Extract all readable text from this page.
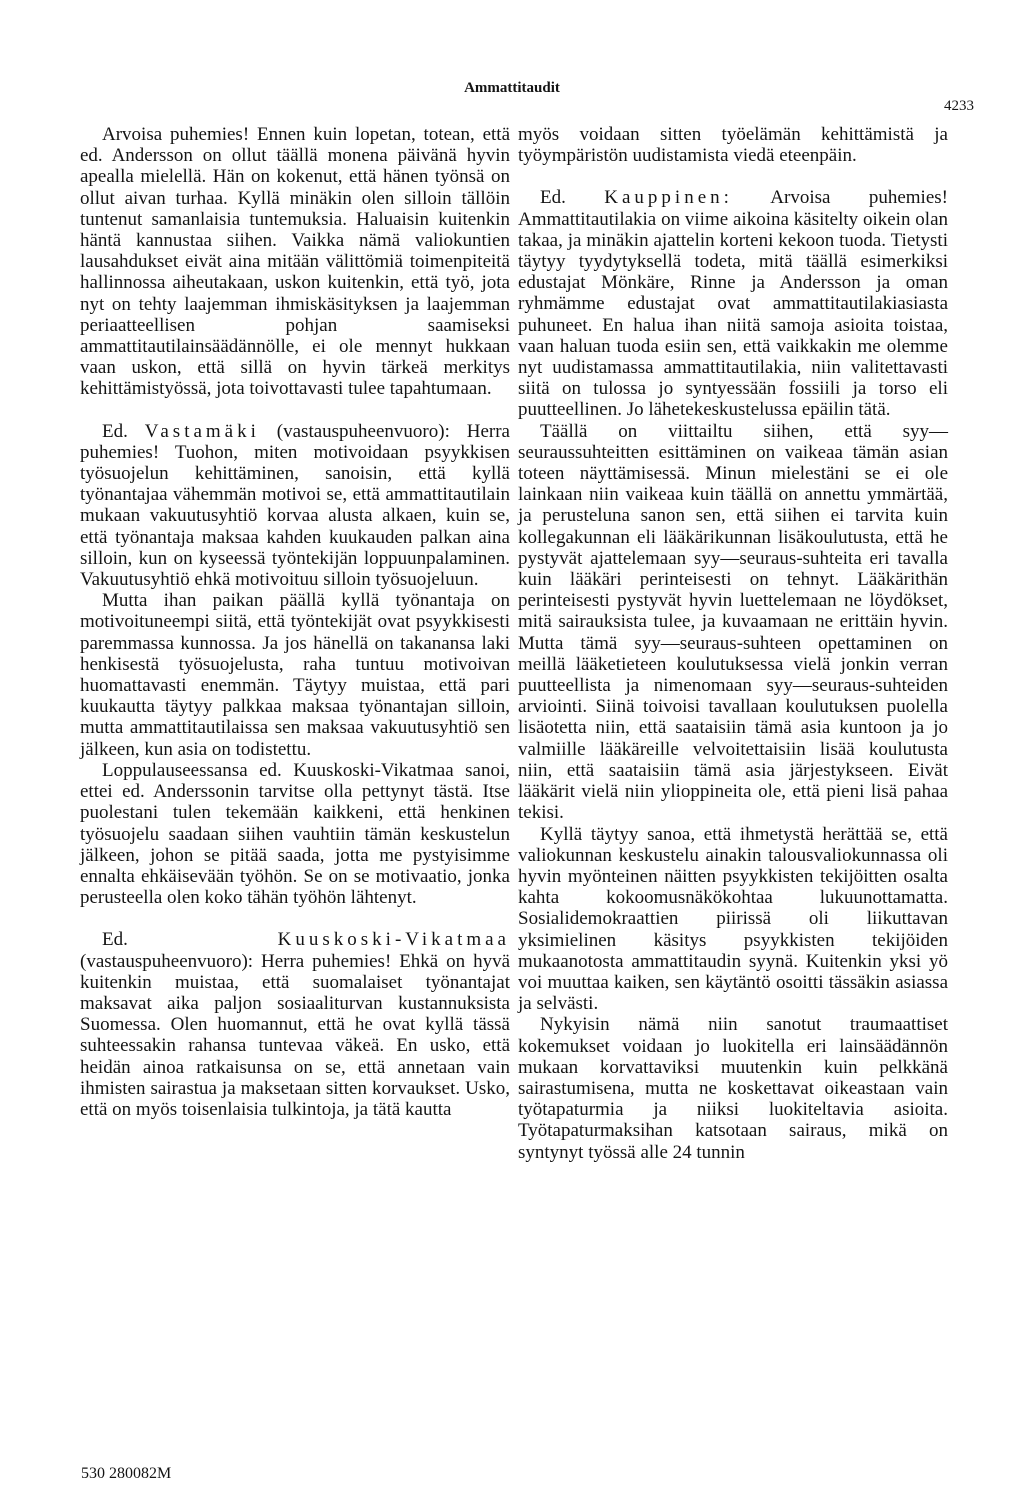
Ammattitaudit
4233

Arvoisa puhemies! Ennen kuin lopetan, totean, että ed. Andersson on ollut täällä monena päivänä hyvin apealla mielellä. Hän on kokenut, että hänen työnsä on ollut aivan turhaa. Kyllä minäkin olen silloin tällöin tuntenut samanlaisia tuntemuksia. Haluaisin kuitenkin häntä kannustaa siihen. Vaikka nämä valiokuntien lausahdukset eivät aina mitään välittömiä toimenpiteitä hallinnossa aiheutakaan, uskon kuitenkin, että työ, jota nyt on tehty laajemman ihmiskäsityksen ja laajemman periaatteellisen pohjan saamiseksi ammattitautilainsäädännölle, ei ole mennyt hukkaan vaan uskon, että sillä on hyvin tärkeä merkitys kehittämistyössä, jota toivottavasti tulee tapahtumaan.

Ed. Vastamäki (vastauspuheenvuoro): Herra puhemies! Tuohon, miten motivoidaan psyykkisen työsuojelun kehittäminen, sanoisin, että kyllä työnantajaa vähemmän motivoi se, että ammattitautilain mukaan vakuutusyhtiö korvaa alusta alkaen, kuin se, että työnantaja maksaa kahden kuukauden palkan aina silloin, kun on kyseessä työntekijän loppuunpalaminen. Vakuutusyhtiö ehkä motivoituu silloin työsuojeluun.

Mutta ihan paikan päällä kyllä työnantaja on motivoituneempi siitä, että työntekijät ovat psyykkisesti paremmassa kunnossa. Ja jos hänellä on takanansa laki henkisestä työsuojelusta, raha tuntuu motivoivan huomattavasti enemmän. Täytyy muistaa, että pari kuukautta täytyy palkkaa maksaa työnantajan silloin, mutta ammattitautilaissa sen maksaa vakuutusyhtiö sen jälkeen, kun asia on todistettu.

Loppulauseessansa ed. Kuuskoski-Vikatmaa sanoi, ettei ed. Anderssonin tarvitse olla pettynyt tästä. Itse puolestani tulen tekemään kaikkeni, että henkinen työsuojelu saadaan siihen vauhtiin tämän keskustelun jälkeen, johon se pitää saada, jotta me pystyisimme ennalta ehkäisevään työhön. Se on se motivaatio, jonka perusteella olen koko tähän työhön lähtenyt.

Ed.	Kuuskoski-Vikatmaa (vastauspuheenvuoro): Herra puhemies! Ehkä on hyvä kuitenkin muistaa, että suomalaiset työnantajat maksavat aika paljon sosiaaliturvan kustannuksista Suomessa. Olen huomannut, että he ovat kyllä tässä suhteessakin rahansa tuntevaa väkeä. En usko, että heidän ainoa ratkaisunsa on se, että annetaan vain ihmisten sairastua ja maksetaan sitten korvaukset. Usko, että on myös toisenlaisia tulkintoja, ja tätä kautta

myös voidaan sitten työelämän kehittämistä ja työympäristön uudistamista viedä eteenpäin.

Ed. Kauppinen: Arvoisa puhemies! Ammattitautilakia on viime aikoina käsitelty oikein olan takaa, ja minäkin ajattelin korteni kekoon tuoda. Tietysti täytyy tyydytyksellä todeta, mitä täällä esimerkiksi edustajat Mönkäre, Rinne ja Andersson ja oman ryhmämme edustajat ovat ammattitautilakiasiasta puhuneet. En halua ihan niitä samoja asioita toistaa, vaan haluan tuoda esiin sen, että vaikkakin me olemme nyt uudistamassa ammattitautilakia, niin valitettavasti siitä on tulossa jo syntyessään fossiili ja torso eli puutteellinen. Jo lähetekeskustelussa epäilin tätä.

Täällä on viittailtu siihen, että syy—seuraussuhteitten esittäminen on vaikeaa tämän asian toteen näyttämisessä. Minun mielestäni se ei ole lainkaan niin vaikeaa kuin täällä on annettu ymmärtää, ja perusteluna sanon sen, että siihen ei tarvita kuin kollegakunnan eli lääkärikunnan lisäkoulutusta, että he pystyvät ajattelemaan syy—seuraus-suhteita eri tavalla kuin lääkäri perinteisesti on tehnyt. Lääkärithän perinteisesti pystyvät hyvin luettelemaan ne löydökset, mitä sairauksista tulee, ja kuvaamaan ne erittäin hyvin. Mutta tämä syy—seuraus-suhteen opettaminen on meillä lääketieteen koulutuksessa vielä jonkin verran puutteellista ja nimenomaan syy—seuraus-suhteiden arviointi. Siinä toivoisi tavallaan koulutuksen puolella lisäotetta niin, että saataisiin tämä asia kuntoon ja jo valmiille lääkäreille velvoitettaisiin lisää koulutusta niin, että saataisiin tämä asia järjestykseen. Eivät lääkärit vielä niin ylioppineita ole, että pieni lisä pahaa tekisi.

Kyllä täytyy sanoa, että ihmetystä herättää se, että valiokunnan keskustelu ainakin talousvaliokunnassa oli hyvin myönteinen näitten psyykkisten tekijöitten osalta kahta kokoomusnäkökohtaa lukuunottamatta. Sosialidemokraattien piirissä oli liikuttavan yksimielinen käsitys psyykkisten tekijöiden mukaanotosta ammattitaudin syynä. Kuitenkin yksi yö voi muuttaa kaiken, sen käytäntö osoitti tässäkin asiassa ja selvästi.

Nykyisin nämä niin sanotut traumaattiset kokemukset voidaan jo luokitella eri lainsäädännön mukaan korvattaviksi muutenkin kuin pelkkänä sairastumisena, mutta ne koskettavat oikeastaan vain työtapaturmia ja niiksi luokiteltavia asioita. Työtapaturmaksihan katsotaan sairaus, mikä on syntynyt työssä alle 24 tunnin

530 280082M
